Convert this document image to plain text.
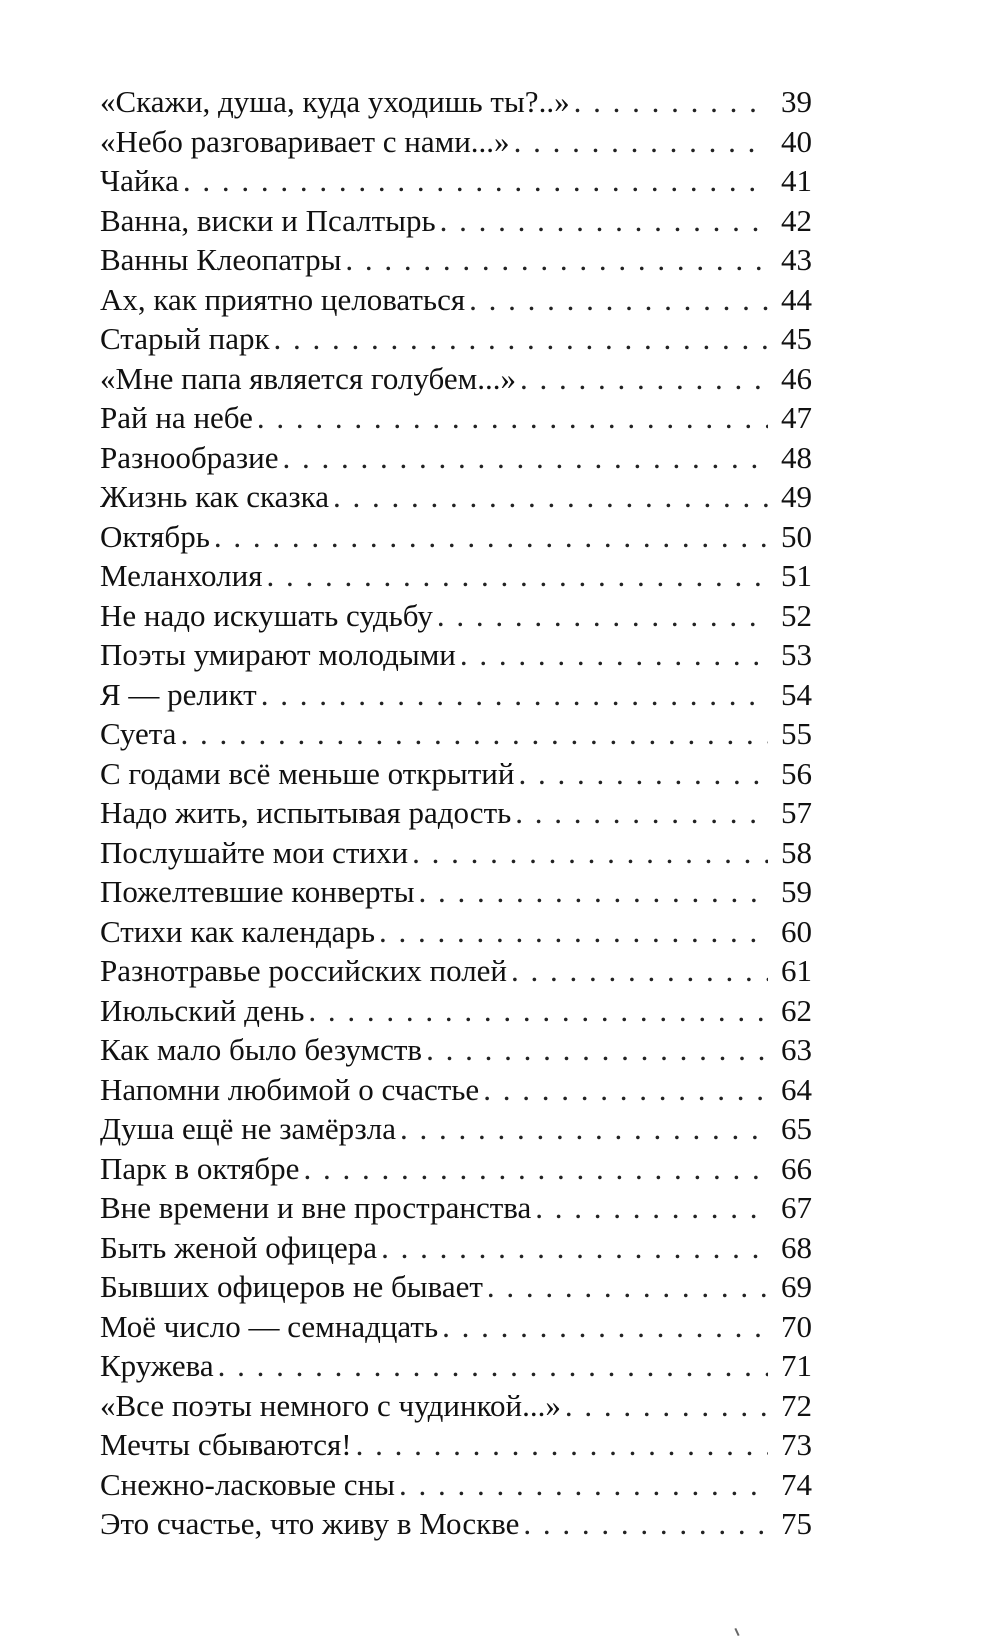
«Скажи, душа, куда уходишь ты?..» . . .	39
«Небо разговаривает с нами...» . . .	40
Чайка . . .	41
Ванна, виски и Псалтырь . . .	42
Ванны Клеопатры . . .	43
Ах, как приятно целоваться . . .	44
Старый парк . . .	45
«Мне папа является голубем...» . . .	46
Рай на небе . . .	47
Разнообразие . . .	48
Жизнь как сказка . . .	49
Октябрь . . .	50
Меланхолия . . .	51
Не надо искушать судьбу . . .	52
Поэты умирают молодыми . . .	53
Я — реликт . . .	54
Суета . . .	55
С годами всё меньше открытий . . .	56
Надо жить, испытывая радость . . .	57
Послушайте мои стихи . . .	58
Пожелтевшие конверты . . .	59
Стихи как календарь . . .	60
Разнотравье российских полей . . .	61
Июльский день . . .	62
Как мало было безумств . . .	63
Напомни любимой о счастье . . .	64
Душа ещё не замёрзла . . .	65
Парк в октябре . . .	66
Вне времени и вне пространства . . .	67
Быть женой офицера . . .	68
Бывших офицеров не бывает . . .	69
Моё число — семнадцать . . .	70
Кружева . . .	71
«Все поэты немного с чудинкой...» . . .	72
Мечты сбываются! . . .	73
Снежно-ласковые сны . . .	74
Это счастье, что живу в Москве . . .	75
